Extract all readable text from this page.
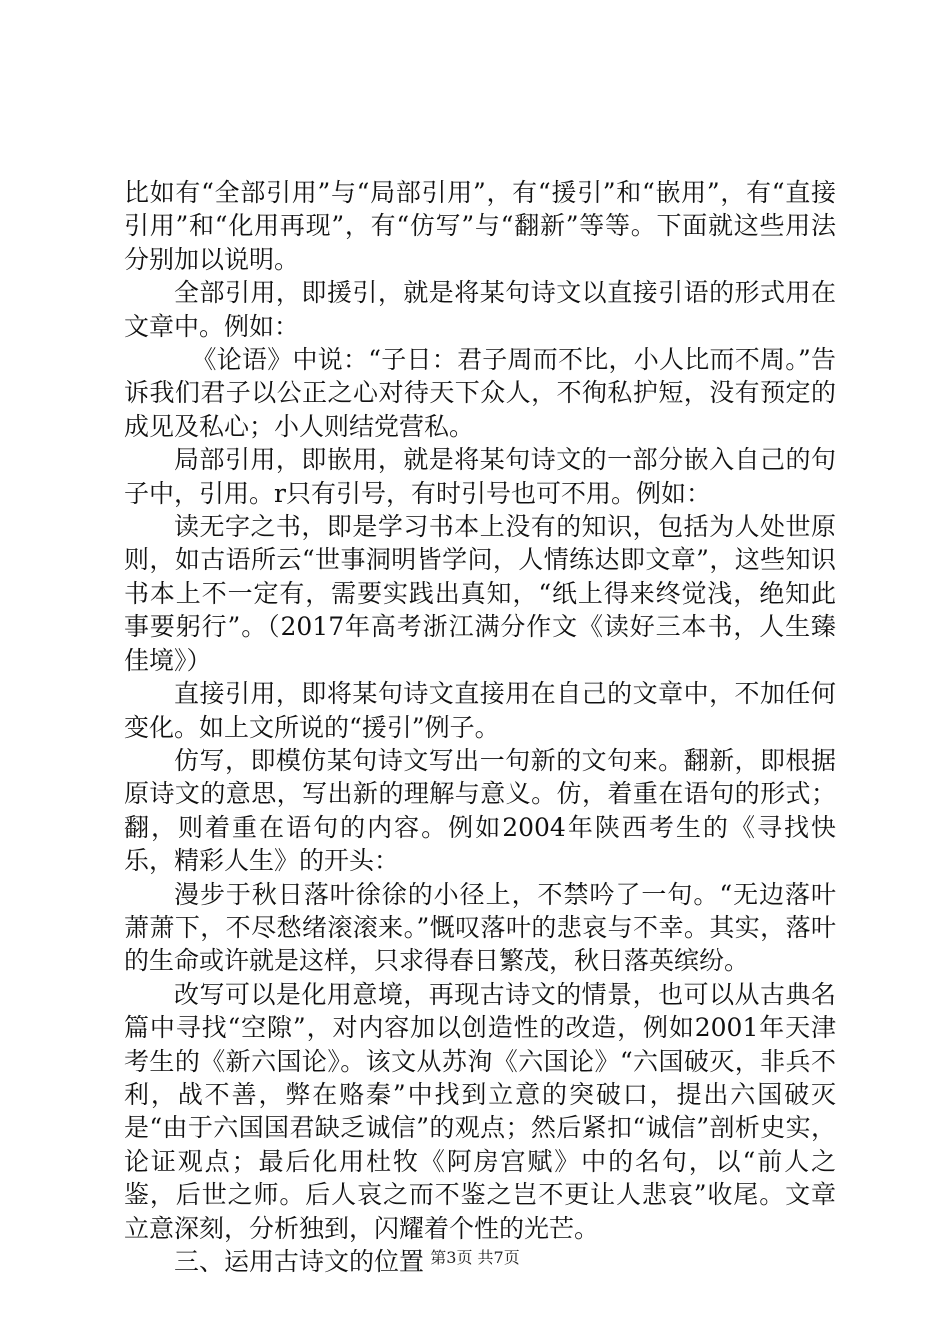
比如有“全部引用”与“局部引用”，有“援引”和“嵌用”，有“直接引用”和“化用再现”，有“仿写”与“翻新”等等。下面就这些用法分别加以说明。

全部引用，即援引，就是将某句诗文以直接引语的形式用在文章中。例如：

《论语》中说：“子日：君子周而不比，小人比而不周。”告诉我们君子以公正之心对待天下众人，不徇私护短，没有预定的成见及私心；小人则结党营私。

局部引用，即嵌用，就是将某句诗文的一部分嵌入自己的句子中，引用。r只有引号，有时引号也可不用。例如：

读无字之书，即是学习书本上没有的知识，包括为人处世原则，如古语所云“世事洞明皆学问，人情练达即文章”，这些知识书本上不一定有，需要实践出真知，“纸上得来终觉浅，绝知此事要躬行”。（2017年高考浙江满分作文《读好三本书，人生臻佳境》）

直接引用，即将某句诗文直接用在自己的文章中，不加任何变化。如上文所说的“援引”例子。

仿写，即模仿某句诗文写出一句新的文句来。翻新，即根据原诗文的意思，写出新的理解与意义。仿，着重在语句的形式；翻，则着重在语句的内容。例如2004年陕西考生的《寻找快乐，精彩人生》的开头：

漫步于秋日落叶徐徐的小径上，不禁吟了一句。“无边落叶萧萧下，不尽愁绪滚滚来。”慨叹落叶的悲哀与不幸。其实，落叶的生命或许就是这样，只求得春日繁茂，秋日落英缤纷。

改写可以是化用意境，再现古诗文的情景，也可以从古典名篇中寻找“空隙”，对内容加以创造性的改造，例如2001年天津考生的《新六国论》。该文从苏洵《六国论》“六国破灭，非兵不利，战不善，弊在赂秦”中找到立意的突破口，提出六国破灭是“由于六国国君缺乏诚信”的观点；然后紧扣“诚信”剖析史实，论证观点；最后化用杜牧《阿房宫赋》中的名句，以“前人之鉴，后世之师。后人哀之而不鉴之岂不更让人悲哀”收尾。文章立意深刻，分析独到，闪耀着个性的光芒。

三、运用古诗文的位置 第3页 共7页
